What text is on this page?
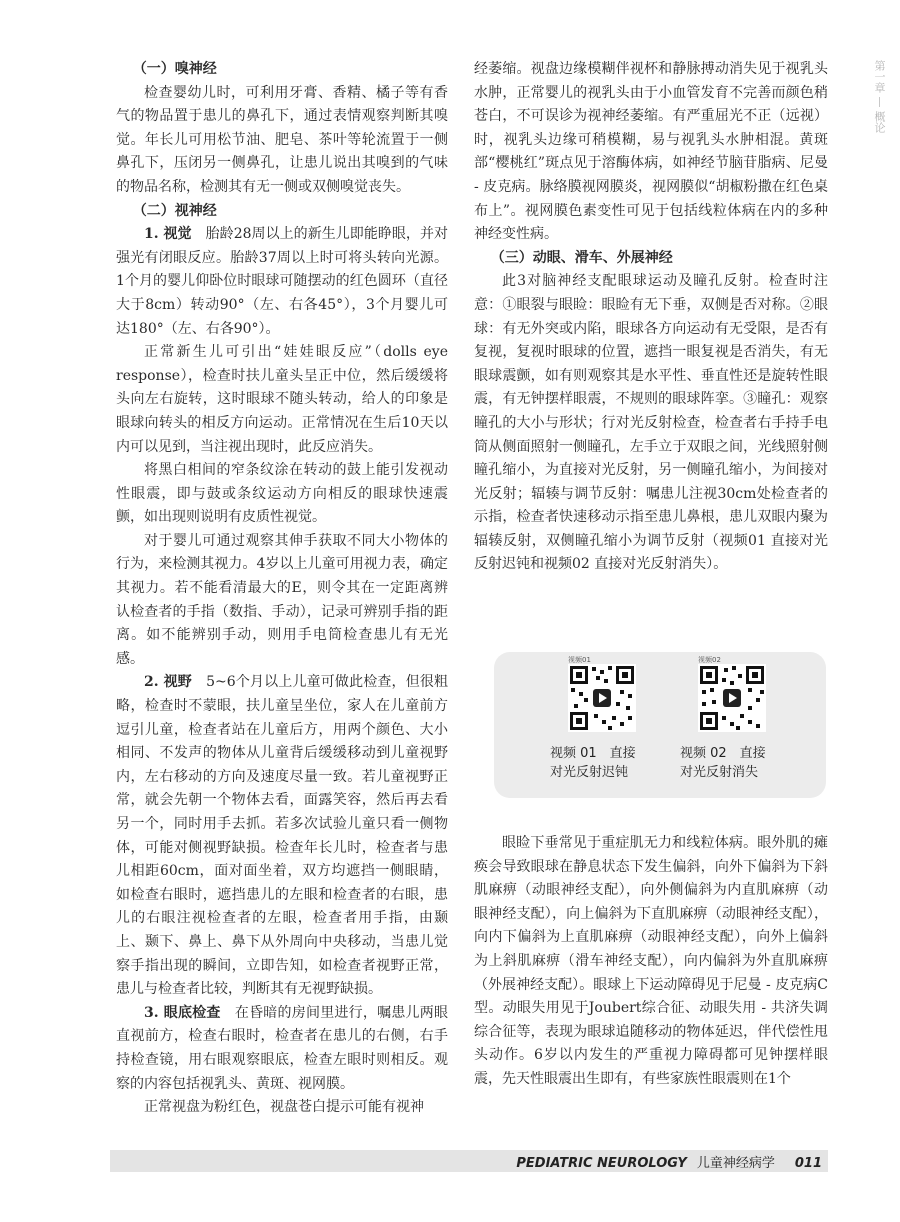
第一章
概论

（一）嗅神经

检查婴幼儿时，可利用牙膏、香精、橘子等有香气的物品置于患儿的鼻孔下，通过表情观察判断其嗅觉。年长儿可用松节油、肥皂、茶叶等轮流置于一侧鼻孔下，压闭另一侧鼻孔，让患儿说出其嗅到的气味的物品名称，检测其有无一侧或双侧嗅觉丧失。

（二）视神经

1. 视觉　 胎龄28周以上的新生儿即能睁眼，并对强光有闭眼反应。胎龄37周以上时可将头转向光源。1个月的婴儿仰卧位时眼球可随摆动的红色圆环（直径大于8cm）转动90°（左、右各45°），3个月婴儿可达180°（左、右各90°）。

正常新生儿可引出“娃娃眼反应”（dolls eye response），检查时扶儿童头呈正中位，然后缓缓将头向左右旋转，这时眼球不随头转动，给人的印象是眼球向转头的相反方向运动。正常情况在生后10天以内可以见到，当注视出现时，此反应消失。

将黑白相间的窄条纹涂在转动的鼓上能引发视动性眼震，即与鼓或条纹运动方向相反的眼球快速震颤，如出现则说明有皮质性视觉。

对于婴儿可通过观察其伸手获取不同大小物体的行为，来检测其视力。4岁以上儿童可用视力表，确定其视力。若不能看清最大的E，则令其在一定距离辨认检查者的手指（数指、手动），记录可辨别手指的距离。如不能辨别手动，则用手电筒检查患儿有无光感。

2. 视野　 5~6个月以上儿童可做此检查，但很粗略，检查时不蒙眼，扶儿童呈坐位，家人在儿童前方逗引儿童，检查者站在儿童后方，用两个颜色、大小相同、不发声的物体从儿童背后缓缓移动到儿童视野内，左右移动的方向及速度尽量一致。若儿童视野正常，就会先朝一个物体去看，面露笑容，然后再去看另一个，同时用手去抓。若多次试验儿童只看一侧物体，可能对侧视野缺损。检查年长儿时，检查者与患儿相距60cm，面对面坐着，双方均遮挡一侧眼睛，如检查右眼时，遮挡患儿的左眼和检查者的右眼，患儿的右眼注视检查者的左眼，检查者用手指，由颞上、颞下、鼻上、鼻下从外周向中央移动，当患儿觉察手指出现的瞬间，立即告知，如检查者视野正常，患儿与检查者比较，判断其有无视野缺损。

3. 眼底检查　 在昏暗的房间里进行，嘱患儿两眼直视前方，检查右眼时，检查者在患儿的右侧，右手持检查镜，用右眼观察眼底，检查左眼时则相反。观察的内容包括视乳头、黄斑、视网膜。

正常视盘为粉红色，视盘苍白提示可能有视神

经萎缩。视盘边缘模糊伴视杯和静脉搏动消失见于视乳头水肿，正常婴儿的视乳头由于小血管发育不完善而颜色稍苍白，不可误诊为视神经萎缩。有严重屈光不正（远视）时，视乳头边缘可稍模糊，易与视乳头水肿相混。黄斑部“樱桃红”斑点见于溶酶体病，如神经节脑苷脂病、尼曼 - 皮克病。脉络膜视网膜炎，视网膜似“胡椒粉撒在红色桌布上”。视网膜色素变性可见于包括线粒体病在内的多种神经变性病。

（三）动眼、滑车、外展神经

此3对脑神经支配眼球运动及瞳孔反射。检查时注意：①眼裂与眼睑：眼睑有无下垂，双侧是否对称。②眼球：有无外突或内陷，眼球各方向运动有无受限，是否有复视，复视时眼球的位置，遮挡一眼复视是否消失，有无眼球震颤，如有则观察其是水平性、垂直性还是旋转性眼震，有无钟摆样眼震，不规则的眼球阵挛。③瞳孔：观察瞳孔的大小与形状；行对光反射检查，检查者右手持手电筒从侧面照射一侧瞳孔，左手立于双眼之间，光线照射侧瞳孔缩小，为直接对光反射，另一侧瞳孔缩小，为间接对光反射；辐辏与调节反射：嘱患儿注视30cm处检查者的示指，检查者快速移动示指至患儿鼻根，患儿双眼内聚为辐辏反射，双侧瞳孔缩小为调节反射（视频01 直接对光反射迟钝和视频02 直接对光反射消失）。

视频01
视频 01　直接
对光反射迟钝
视频02
视频 02　直接
对光反射消失

眼睑下垂常见于重症肌无力和线粒体病。眼外肌的瘫痪会导致眼球在静息状态下发生偏斜，向外下偏斜为下斜肌麻痹（动眼神经支配），向外侧偏斜为内直肌麻痹（动眼神经支配），向上偏斜为下直肌麻痹（动眼神经支配），向内下偏斜为上直肌麻痹（动眼神经支配），向外上偏斜为上斜肌麻痹（滑车神经支配），向内偏斜为外直肌麻痹（外展神经支配）。眼球上下运动障碍见于尼曼 - 皮克病C型。动眼失用见于Joubert综合征、动眼失用 - 共济失调综合征等，表现为眼球追随移动的物体延迟，伴代偿性甩头动作。6岁以内发生的严重视力障碍都可见钟摆样眼震，先天性眼震出生即有，有些家族性眼震则在1个

PEDIATRIC NEUROLOGY 儿童神经病学 011
